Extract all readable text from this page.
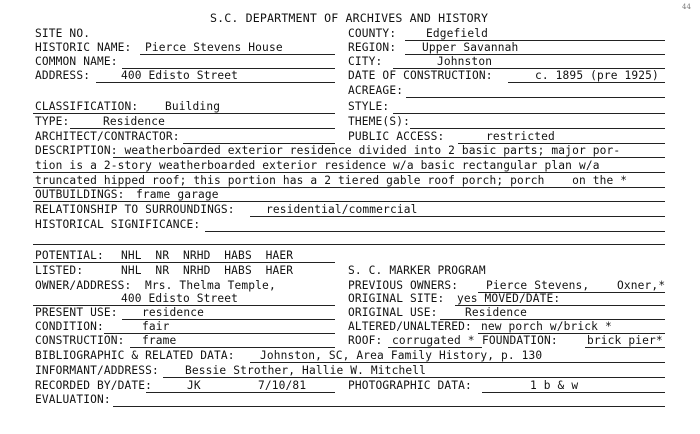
44
S.C. DEPARTMENT OF ARCHIVES AND HISTORY
SITE NO.	COUNTY:	Edgefield
HISTORIC NAME: Pierce Stevens House	REGION: Upper Savannah
COMMON NAME:	CITY:	Johnston
ADDRESS:	400 Edisto Street	DATE OF CONSTRUCTION:	c. 1895 (pre 1925)
ACREAGE:
CLASSIFICATION: Building	STYLE:
TYPE:	Residence	THEME(S):
ARCHITECT/CONTRACTOR:	PUBLIC ACCESS:	restricted
DESCRIPTION: weatherboarded exterior residence divided into 2 basic parts; major por-
tion is a 2-story weatherboarded exterior residence w/a basic rectangular plan w/a
truncated hipped roof; this portion has a 2 tiered gable roof porch; porch    on the *
OUTBUILDINGS: frame garage
RELATIONSHIP TO SURROUNDINGS:	residential/commercial
HISTORICAL SIGNIFICANCE:
POTENTIAL: NHL  NR  NRHD  HABS  HAER
LISTED:	NHL  NR  NRHD  HABS  HAER	S. C. MARKER PROGRAM
OWNER/ADDRESS: Mrs. Thelma Temple,
400 Edisto Street
PREVIOUS OWNERS: Pierce Stevens, Oxner,*
ORIGINAL SITE: yes MOVED/DATE:
PRESENT USE: residence	ORIGINAL USE: Residence
CONDITION:	fair	ALTERED/UNALTERED: new porch w/brick *
CONSTRUCTION: frame	ROOF: corrugated * FOUNDATION:	brick pier*
BIBLIOGRAPHIC & RELATED DATA: Johnston, SC, Area Family History, p. 130
INFORMANT/ADDRESS: Bessie Strother, Hallie W. Mitchell
RECORDED BY/DATE:	JK	7/10/81	PHOTOGRAPHIC DATA:	1 b & w
EVALUATION:
